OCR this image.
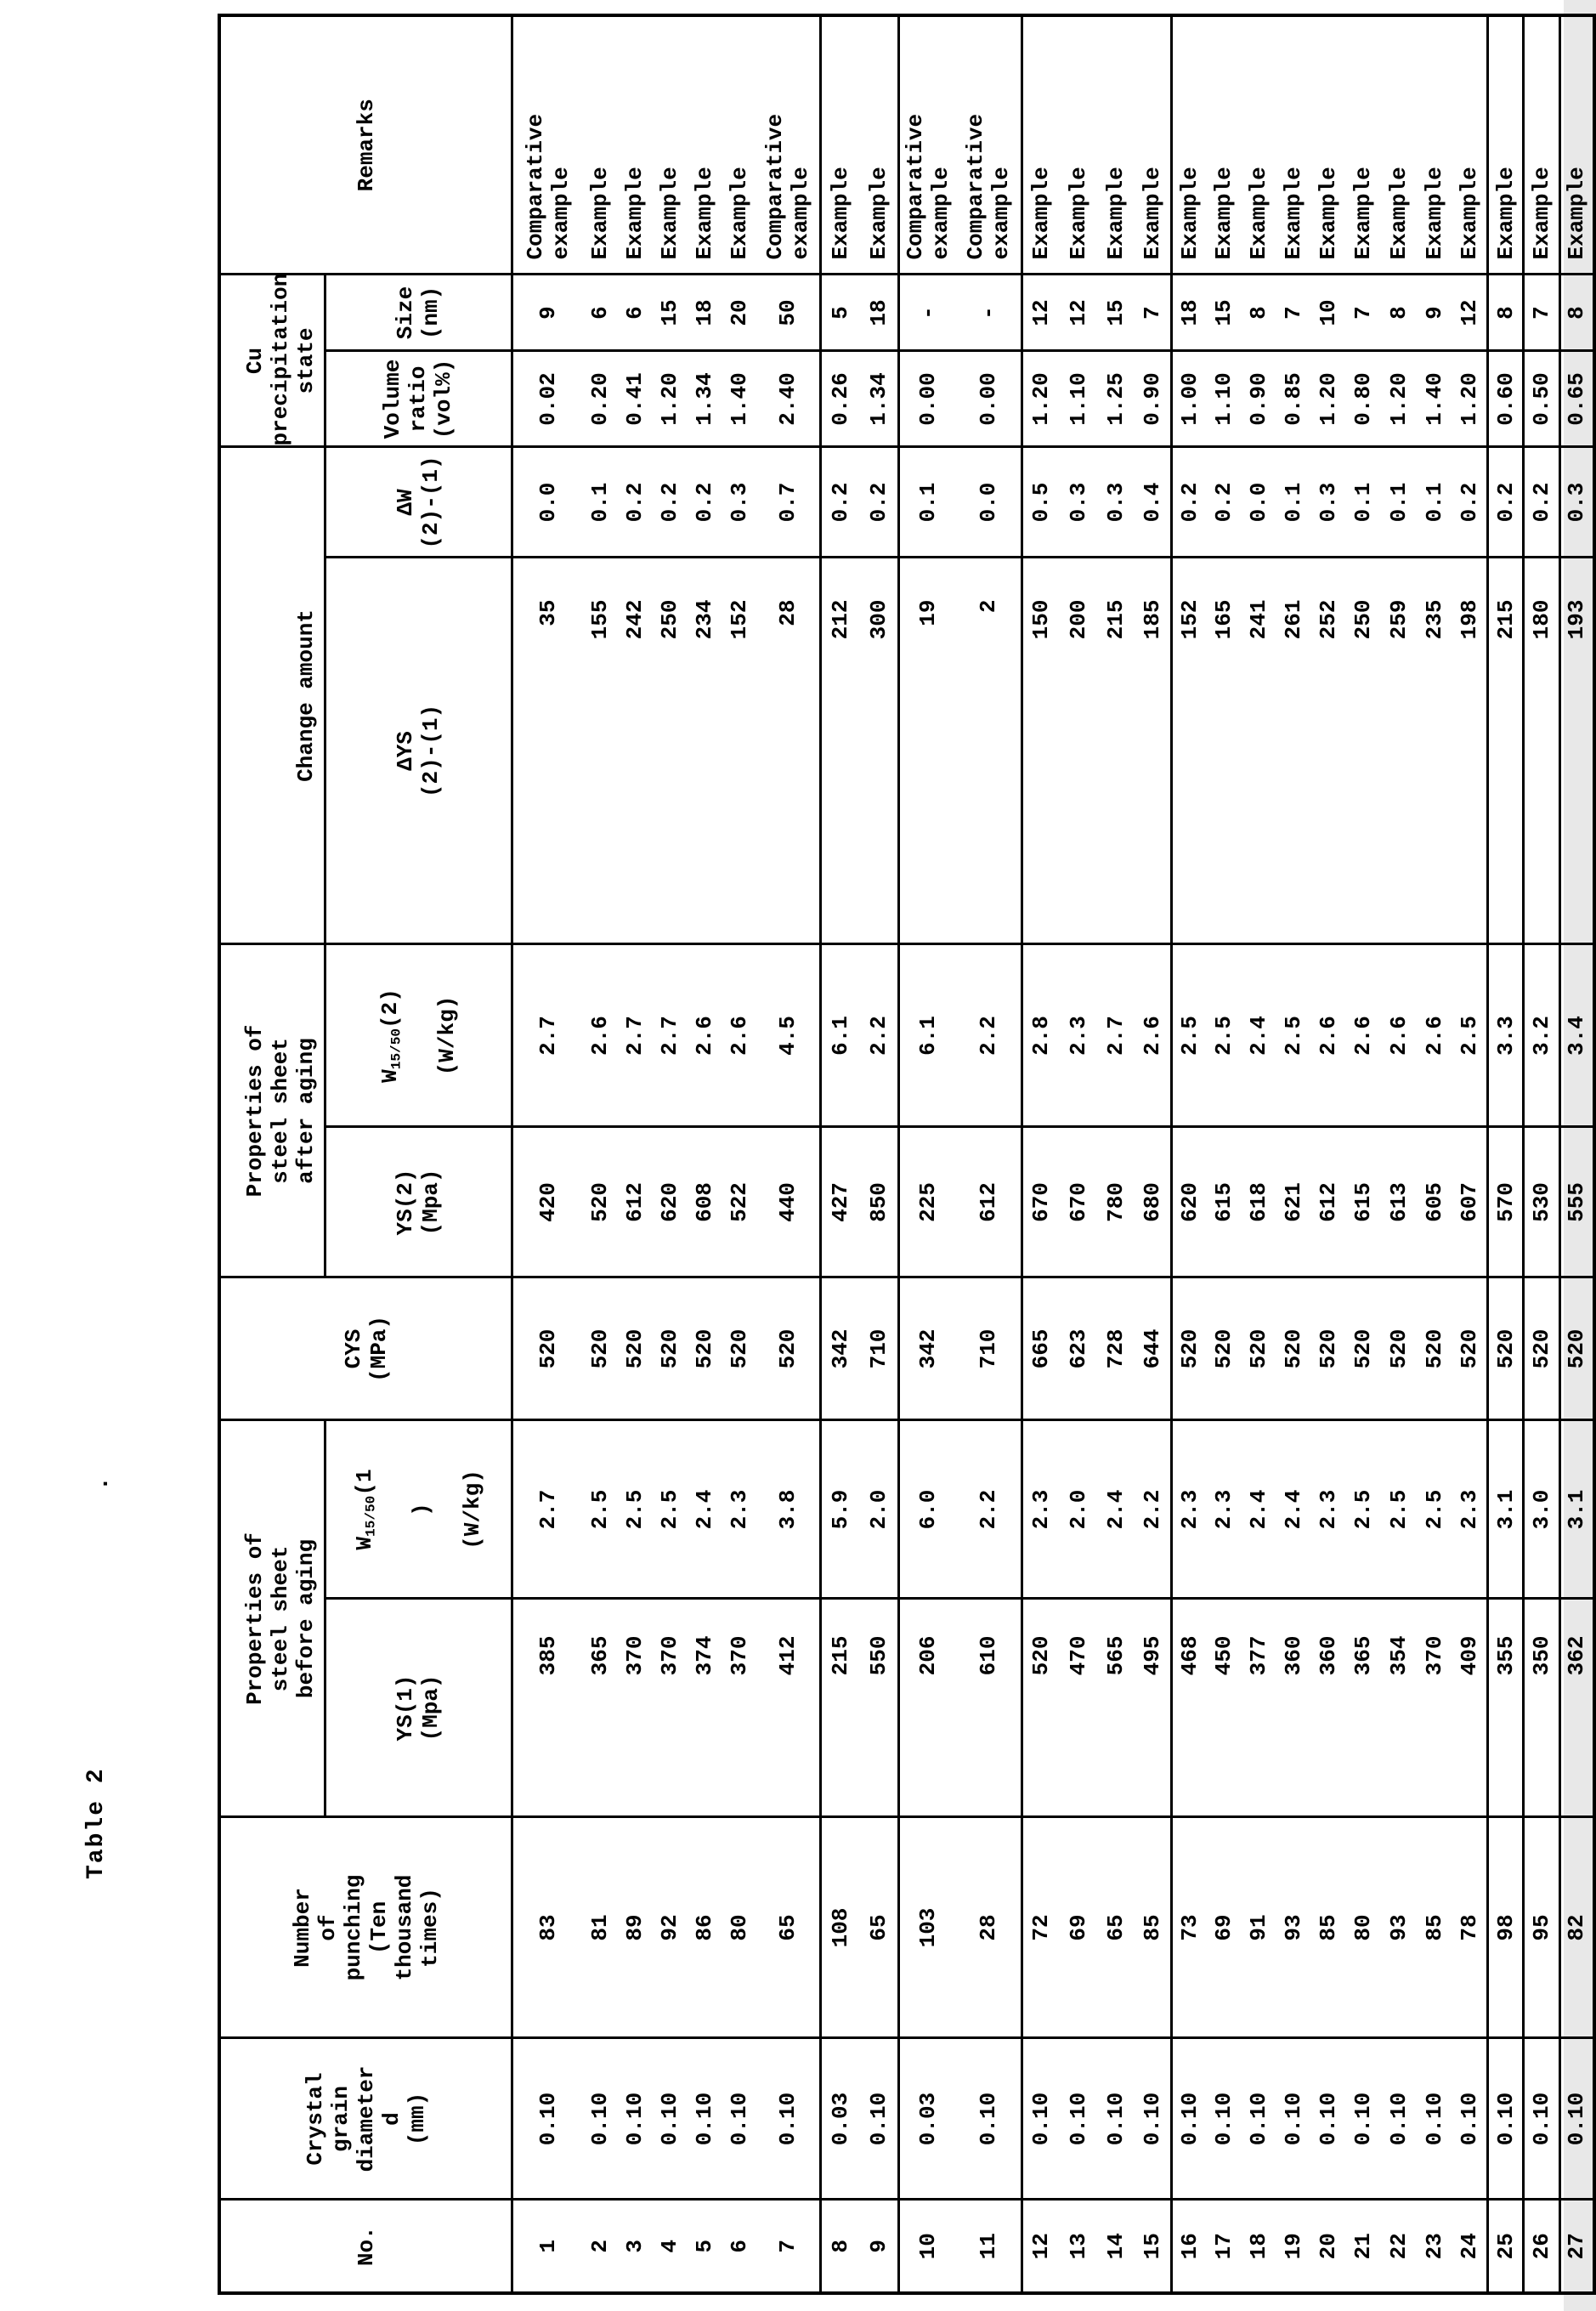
Table 2
.
No.	Crystal
grain
diameter
d
(mm)	Number
of
punching
(Ten
thousand
times)	Properties of
steel sheet
before aging	CYS
(MPa)	Properties of
steel sheet
after aging	Change amount	Cu
precipitation
state	Remarks
YS(1)
(Mpa)	

W15/50(1

) (W/kg)

	YS(2)
(Mpa)	

W15/50(2) (W/kg)

	ΔYS
(2)-(1)	ΔW
(2)-(1)	Volume
ratio
(vol%)	Size
(nm)
1	0.10	83	385	2.7	520	420	2.7	35	0.0	0.02	9	Comparative
example
2	0.10	81	365	2.5	520	520	2.6	155	0.1	0.20	6	Example
3	0.10	89	370	2.5	520	612	2.7	242	0.2	0.41	6	Example
4	0.10	92	370	2.5	520	620	2.7	250	0.2	1.20	15	Example
5	0.10	86	374	2.4	520	608	2.6	234	0.2	1.34	18	Example
6	0.10	80	370	2.3	520	522	2.6	152	0.3	1.40	20	Example
7	0.10	65	412	3.8	520	440	4.5	28	0.7	2.40	50	Comparative
example
8	0.03	108	215	5.9	342	427	6.1	212	0.2	0.26	5	Example
9	0.10	65	550	2.0	710	850	2.2	300	0.2	1.34	18	Example
10	0.03	103	206	6.0	342	225	6.1	19	0.1	0.00	-	Comparative
example
11	0.10	28	610	2.2	710	612	2.2	2	0.0	0.00	-	Comparative
example
12	0.10	72	520	2.3	665	670	2.8	150	0.5	1.20	12	Example
13	0.10	69	470	2.0	623	670	2.3	200	0.3	1.10	12	Example
14	0.10	65	565	2.4	728	780	2.7	215	0.3	1.25	15	Example
15	0.10	85	495	2.2	644	680	2.6	185	0.4	0.90	7	Example
16	0.10	73	468	2.3	520	620	2.5	152	0.2	1.00	18	Example
17	0.10	69	450	2.3	520	615	2.5	165	0.2	1.10	15	Example
18	0.10	91	377	2.4	520	618	2.4	241	0.0	0.90	8	Example
19	0.10	93	360	2.4	520	621	2.5	261	0.1	0.85	7	Example
20	0.10	85	360	2.3	520	612	2.6	252	0.3	1.20	10	Example
21	0.10	80	365	2.5	520	615	2.6	250	0.1	0.80	7	Example
22	0.10	93	354	2.5	520	613	2.6	259	0.1	1.20	8	Example
23	0.10	85	370	2.5	520	605	2.6	235	0.1	1.40	9	Example
24	0.10	78	409	2.3	520	607	2.5	198	0.2	1.20	12	Example
25	0.10	98	355	3.1	520	570	3.3	215	0.2	0.60	8	Example
26	0.10	95	350	3.0	520	530	3.2	180	0.2	0.50	7	Example
27	0.10	82	362	3.1	520	555	3.4	193	0.3	0.65	8	Example
